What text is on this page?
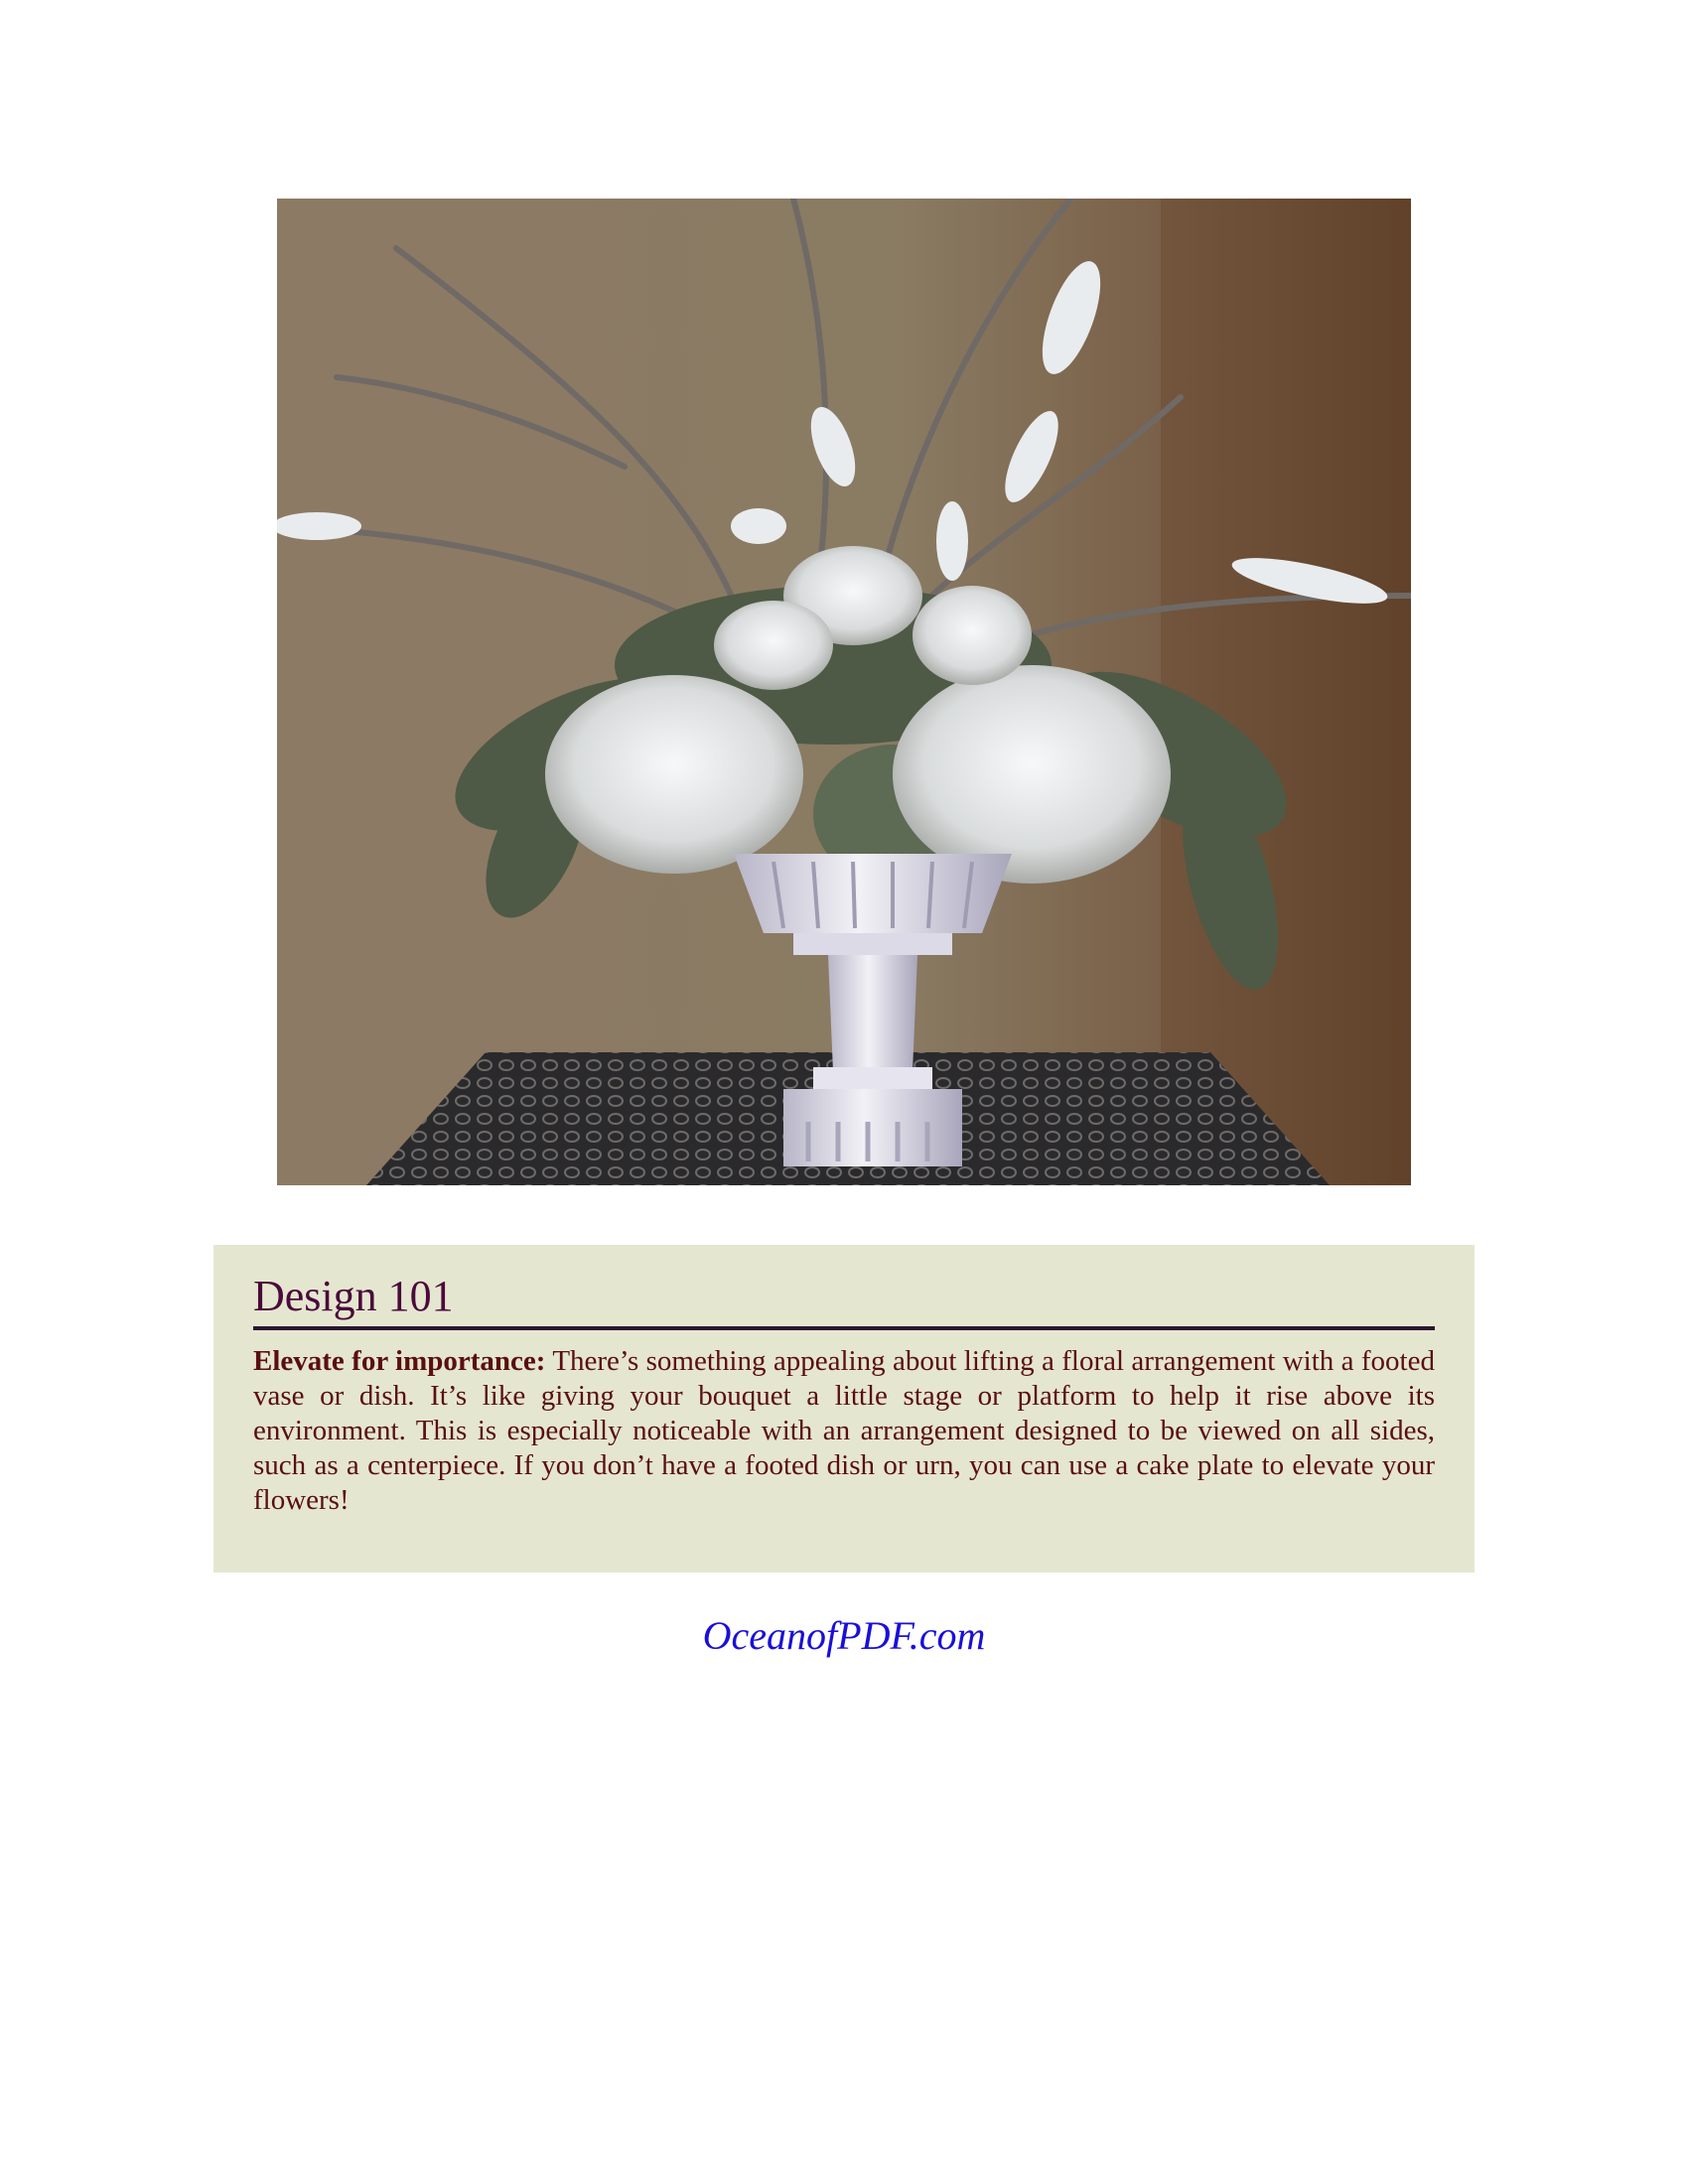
Design 101

Elevate for importance: There’s something appealing about lifting a floral arrangement with a footed vase or dish. It’s like giving your bouquet a little stage or platform to help it rise above its environment. This is especially noticeable with an arrangement designed to be viewed on all sides, such as a centerpiece. If you don’t have a footed dish or urn, you can use a cake plate to elevate your flowers!

OceanofPDF.com
